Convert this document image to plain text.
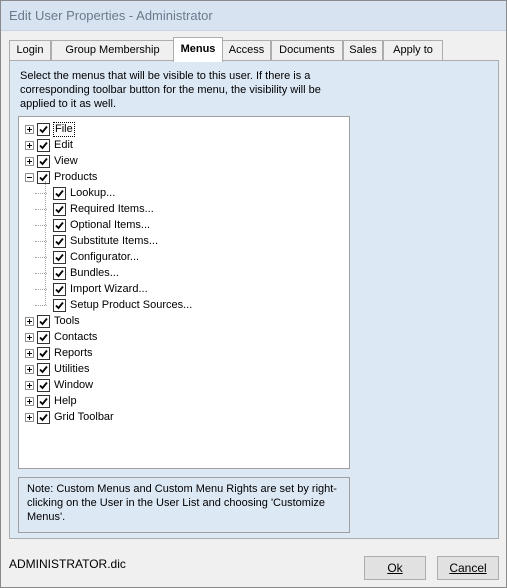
Edit User Properties - Administrator
Login	Group Membership	Menus	Access	Documents	Sales	Apply to
Select the menus that will be visible to this user. If there is a corresponding toolbar button for the menu, the visibility will be applied to it as well.
File
Edit
View
Products
Lookup...
Required Items...
Optional Items...
Substitute Items...
Configurator...
Bundles...
Import Wizard...
Setup Product Sources...
Tools
Contacts
Reports
Utilities
Window
Help
Grid Toolbar
Note: Custom Menus and Custom Menu Rights are set by right-clicking on the User in the User List and choosing 'Customize Menus'.
ADMINISTRATOR.dic	Ok	Cancel
